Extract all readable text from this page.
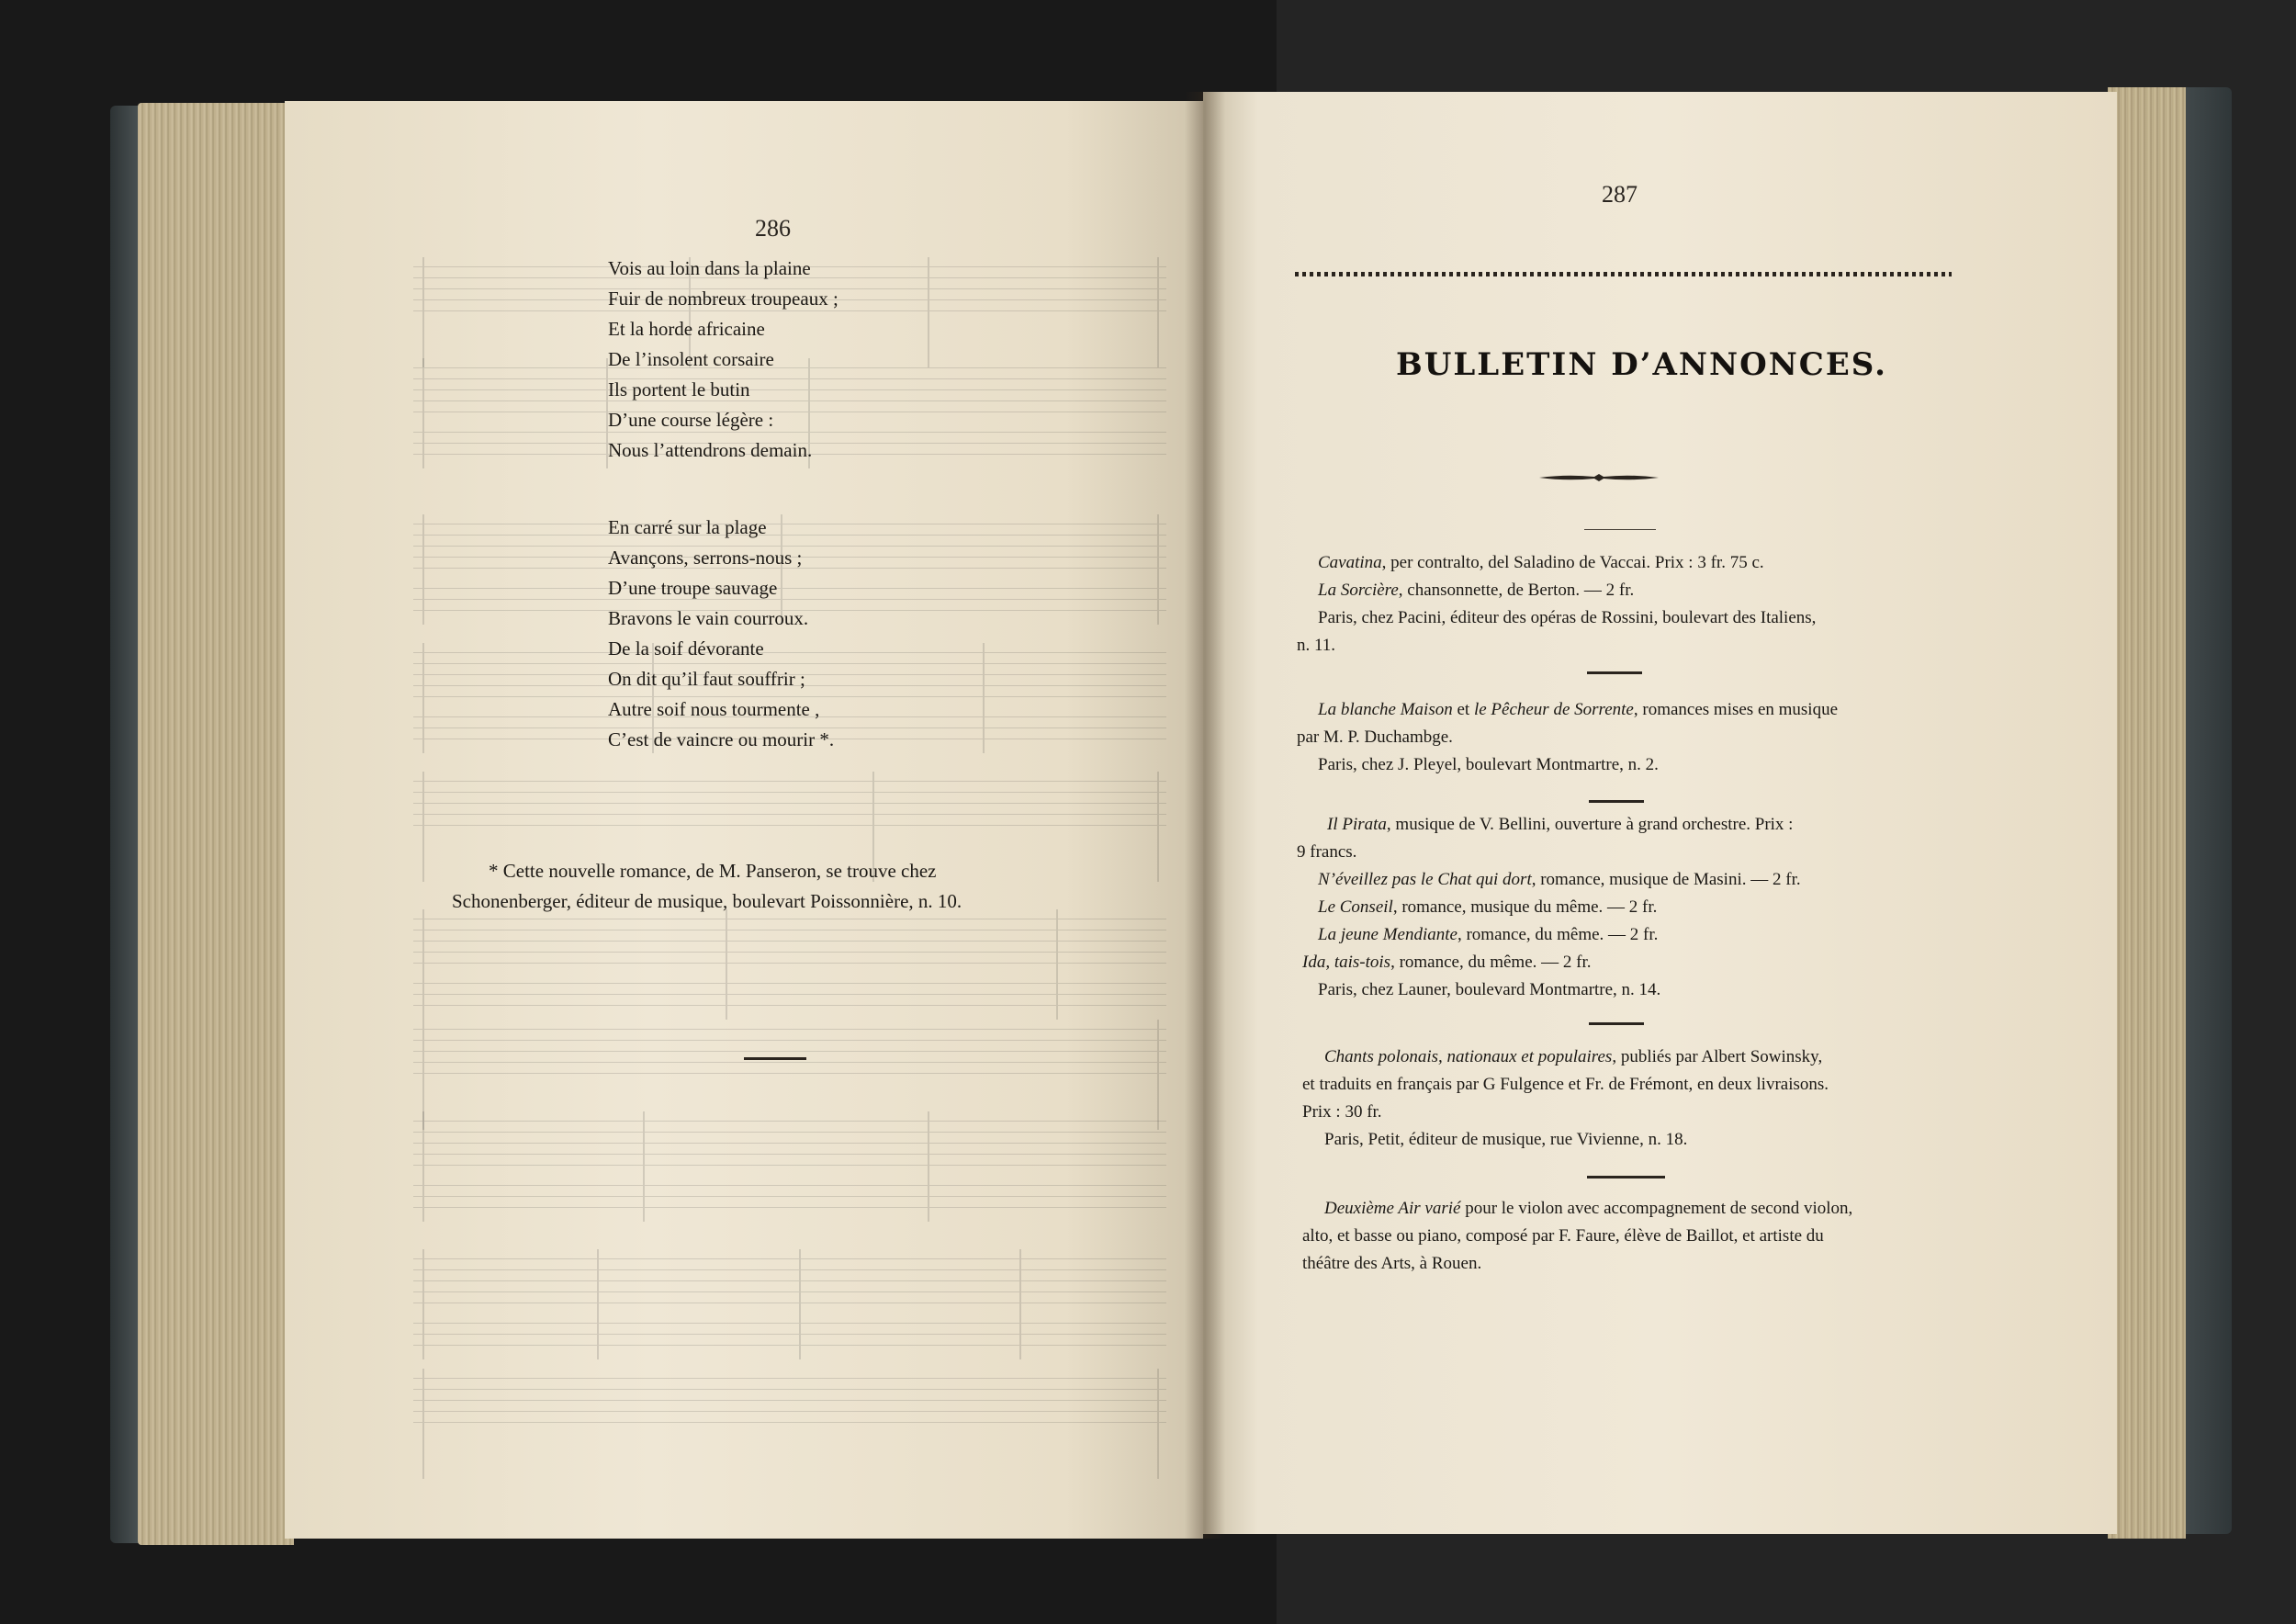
286
Vois au loin dans la plaine
Fuir de nombreux troupeaux ;
Et la horde africaine
De l’insolent corsaire
Ils portent le butin
D’une course légère :
Nous l’attendrons demain.
En carré sur la plage
Avançons, serrons-nous ;
D’une troupe sauvage
Bravons le vain courroux.
De la soif dévorante
On dit qu’il faut souffrir ;
Autre soif nous tourmente ,
C’est de vaincre ou mourir *.
* Cette nouvelle romance, de M. Panseron, se trouve chez
Schonenberger, éditeur de musique, boulevart Poissonnière, n. 10.
287
BULLETIN D’ANNONCES.
Cavatina, per contralto, del Saladino de Vaccai. Prix : 3 fr. 75 c.
La Sorcière, chansonnette, de Berton. — 2 fr.
Paris, chez Pacini, éditeur des opéras de Rossini, boulevart des Italiens,
n. 11.
La blanche Maison et le Pêcheur de Sorrente, romances mises en musique
par M. P. Duchambge.
Paris, chez J. Pleyel, boulevart Montmartre, n. 2.
Il Pirata, musique de V. Bellini, ouverture à grand orchestre. Prix :
9 francs.
N’éveillez pas le Chat qui dort, romance, musique de Masini. — 2 fr.
Le Conseil, romance, musique du même. — 2 fr.
La jeune Mendiante, romance, du même. — 2 fr.
Ida, tais-tois, romance, du même. — 2 fr.
Paris, chez Launer, boulevard Montmartre, n. 14.
Chants polonais, nationaux et populaires, publiés par Albert Sowinsky,
et traduits en français par G Fulgence et Fr. de Frémont, en deux livraisons.
Prix : 30 fr.
Paris, Petit, éditeur de musique, rue Vivienne, n. 18.
Deuxième Air varié pour le violon avec accompagnement de second violon,
alto, et basse ou piano, composé par F. Faure, élève de Baillot, et artiste du
théâtre des Arts, à Rouen.
